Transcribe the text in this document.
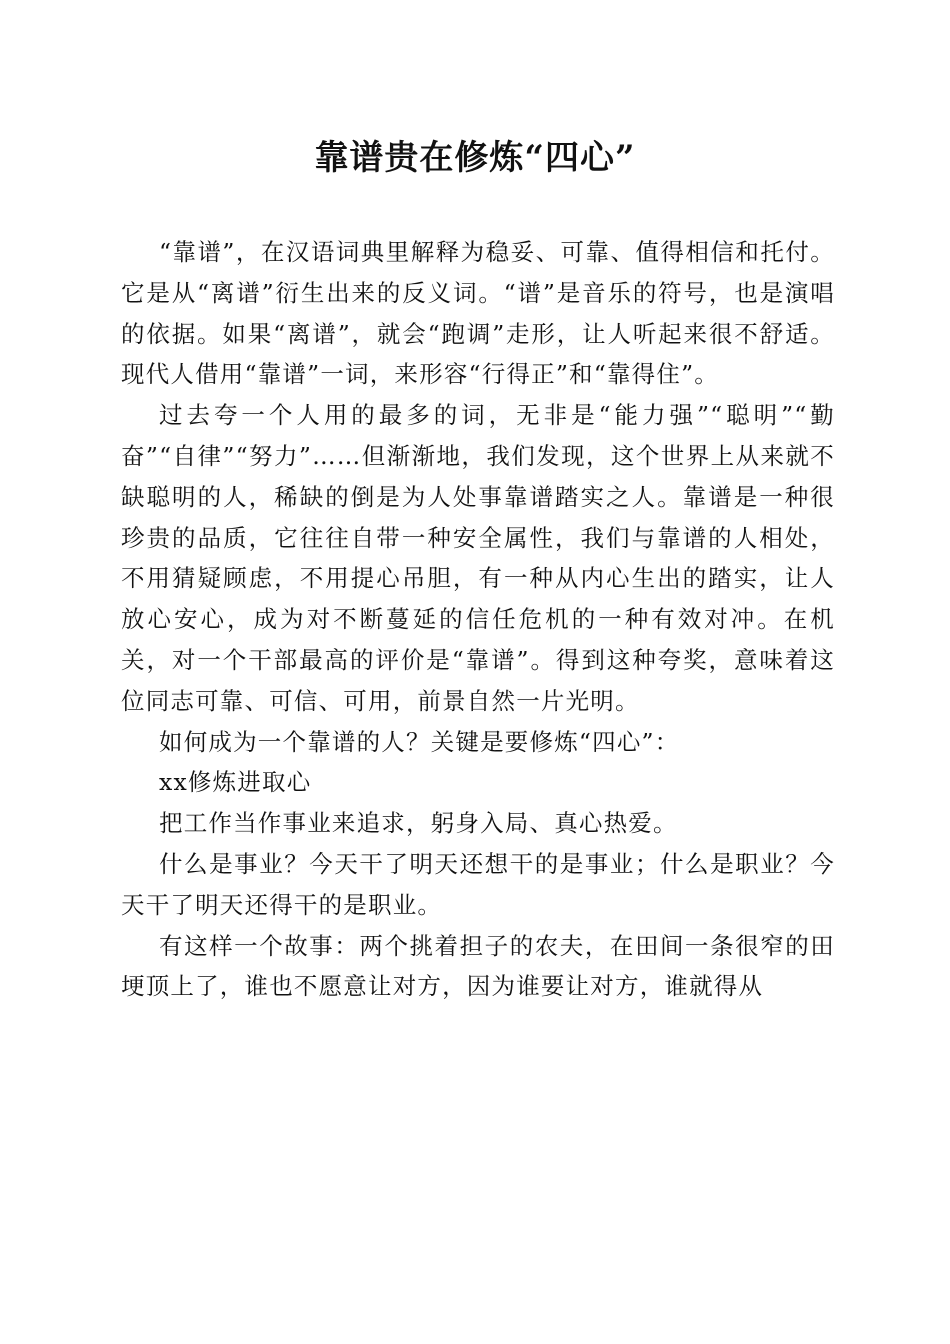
靠谱贵在修炼“四心”

“靠谱”，在汉语词典里解释为稳妥、可靠、值得相信和托付。它是从“离谱”衍生出来的反义词。“谱”是音乐的符号，也是演唱的依据。如果“离谱”，就会“跑调”走形，让人听起来很不舒适。现代人借用“靠谱”一词，来形容“行得正”和“靠得住”。

过去夸一个人用的最多的词，无非是“能力强”“聪明”“勤奋”“自律”“努力”……但渐渐地，我们发现，这个世界上从来就不缺聪明的人，稀缺的倒是为人处事靠谱踏实之人。靠谱是一种很珍贵的品质，它往往自带一种安全属性，我们与靠谱的人相处，不用猜疑顾虑，不用提心吊胆，有一种从内心生出的踏实，让人放心安心，成为对不断蔓延的信任危机的一种有效对冲。在机关，对一个干部最高的评价是“靠谱”。得到这种夸奖，意味着这位同志可靠、可信、可用，前景自然一片光明。

如何成为一个靠谱的人？关键是要修炼“四心”：

xx修炼进取心

把工作当作事业来追求，躬身入局、真心热爱。

什么是事业？今天干了明天还想干的是事业；什么是职业？今天干了明天还得干的是职业。

有这样一个故事：两个挑着担子的农夫，在田间一条很窄的田埂顶上了，谁也不愿意让对方，因为谁要让对方，谁就得从
